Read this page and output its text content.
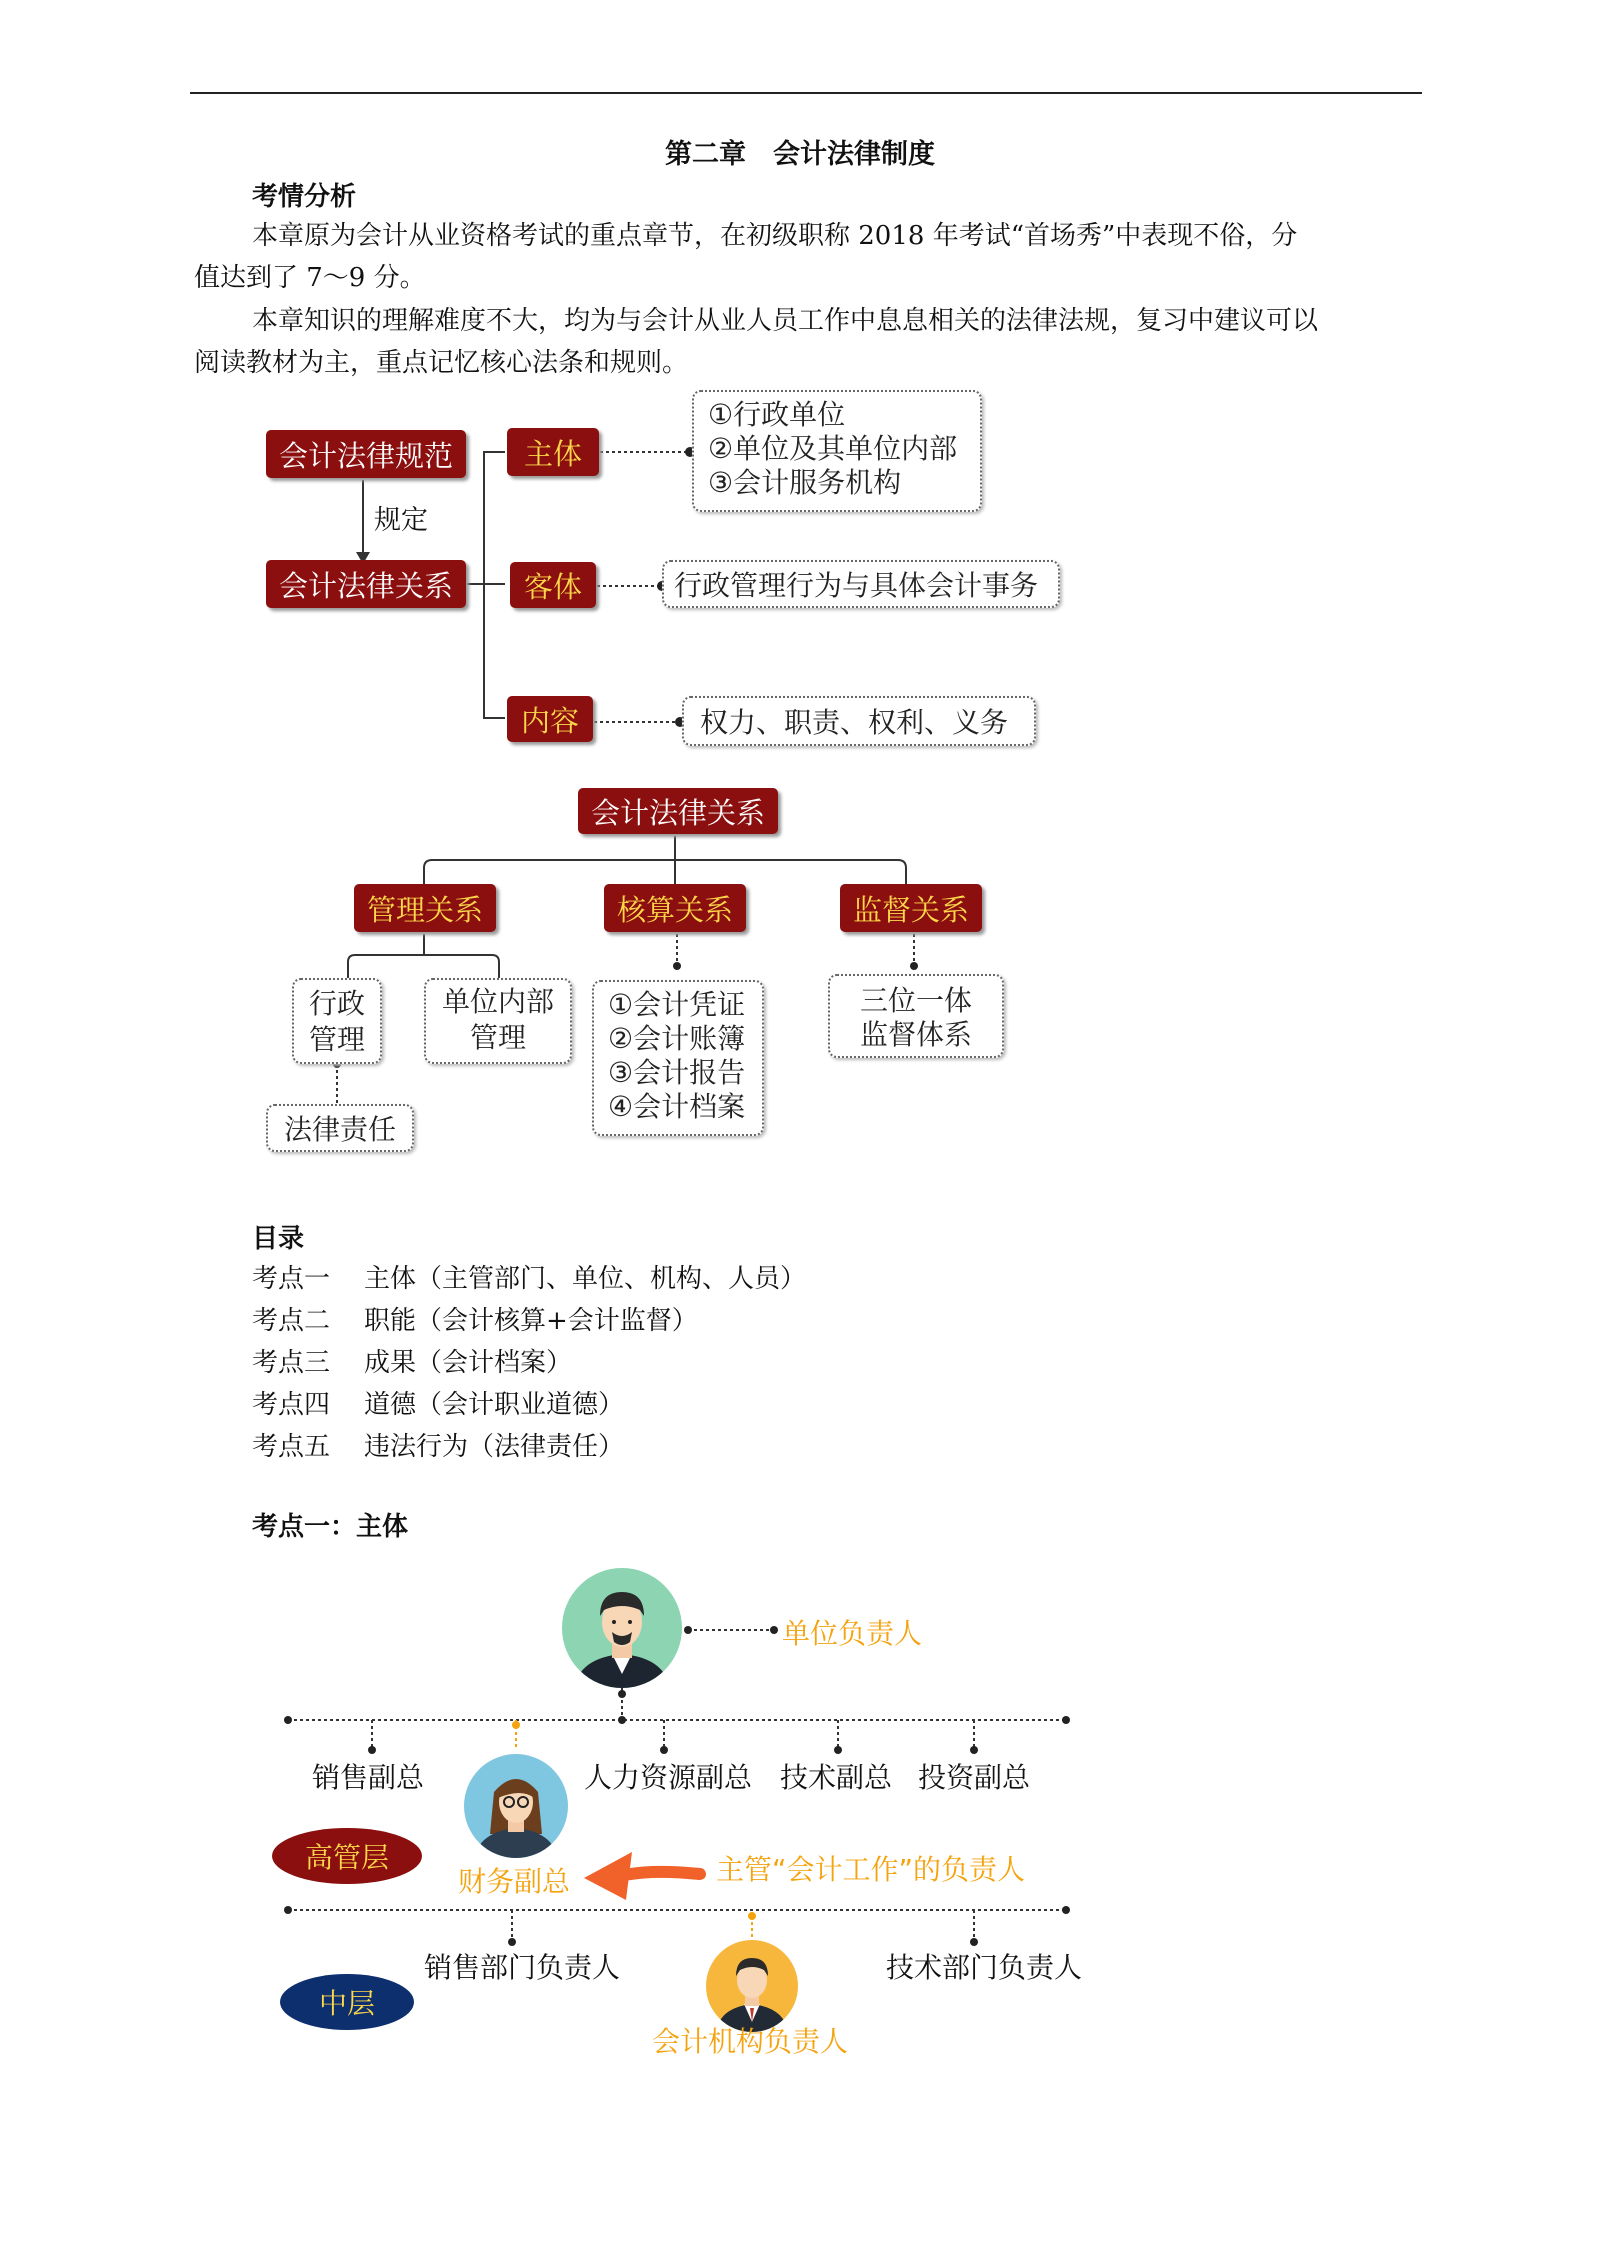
第二章　会计法律制度
考情分析
本章原为会计从业资格考试的重点章节，在初级职称 2018 年考试“首场秀”中表现不俗，分
值达到了 7～9 分。
本章知识的理解难度不大，均为与会计从业人员工作中息息相关的法律法规，复习中建议可以
阅读教材为主，重点记忆核心法条和规则。
会计法律规范
规定
会计法律关系
主体
①行政单位
②单位及其单位内部
③会计服务机构
客体	行政管理行为与具体会计事务
内容	权力、职责、权利、义务
会计法律关系
管理关系	核算关系	监督关系
行政
管理
单位内部
管理
法律责任
①会计凭证
②会计账簿
③会计报告
④会计档案
三位一体
监督体系
目录
考点一 主体（主管部门、单位、机构、人员）
考点二 职能（会计核算+会计监督）
考点三 成果（会计档案）
考点四 道德（会计职业道德）
考点五 违法行为（法律责任）
考点一：主体
单位负责人
销售副总	人力资源副总 技术副总 投资副总
财务副总	主管“会计工作”的负责人
高管层
销售部门负责人	技术部门负责人
中层
会计机构负责人
